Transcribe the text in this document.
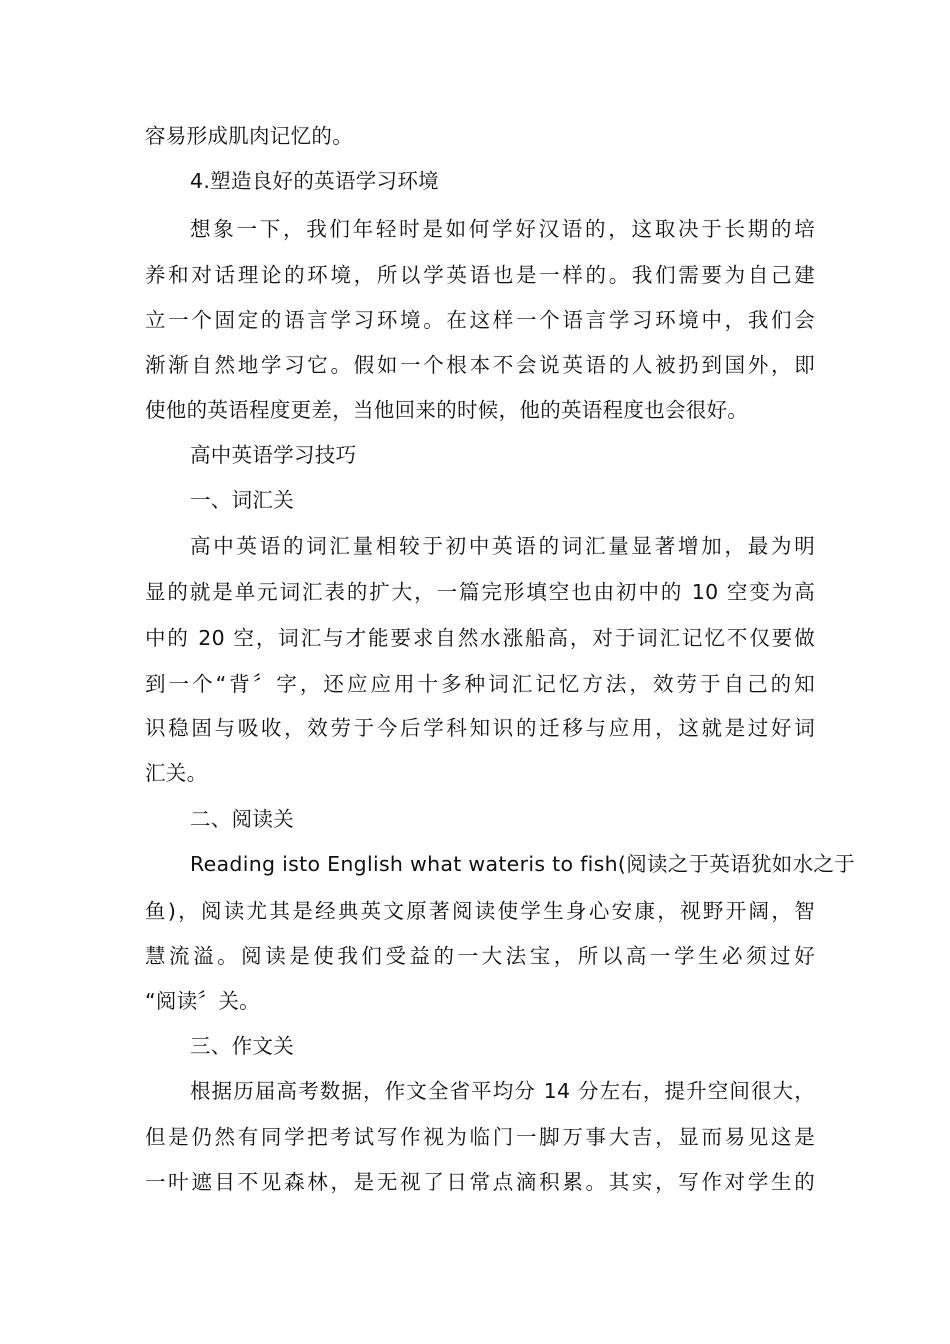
容易形成肌肉记忆的。
4.塑造良好的英语学习环境
想象一下，我们年轻时是如何学好汉语的，这取决于长期的培
养和对话理论的环境，所以学英语也是一样的。我们需要为自己建
立一个固定的语言学习环境。在这样一个语言学习环境中，我们会
渐渐自然地学习它。假如一个根本不会说英语的人被扔到国外，即
使他的英语程度更差，当他回来的时候，他的英语程度也会很好。
高中英语学习技巧
一、词汇关
高中英语的词汇量相较于初中英语的词汇量显著增加，最为明
显的就是单元词汇表的扩大，一篇完形填空也由初中的 10 空变为高
中的 20 空，词汇与才能要求自然水涨船高，对于词汇记忆不仅要做
到一个“背〞字，还应应用十多种词汇记忆方法，效劳于自己的知
识稳固与吸收，效劳于今后学科知识的迁移与应用，这就是过好词
汇关。
二、阅读关
Reading isto English what wateris to fish(阅读之于英语犹如水之于
鱼)，阅读尤其是经典英文原著阅读使学生身心安康，视野开阔，智
慧流溢。阅读是使我们受益的一大法宝，所以高一学生必须过好
“阅读〞关。
三、作文关
根据历届高考数据，作文全省平均分 14 分左右，提升空间很大，
但是仍然有同学把考试写作视为临门一脚万事大吉，显而易见这是
一叶遮目不见森林，是无视了日常点滴积累。其实，写作对学生的
